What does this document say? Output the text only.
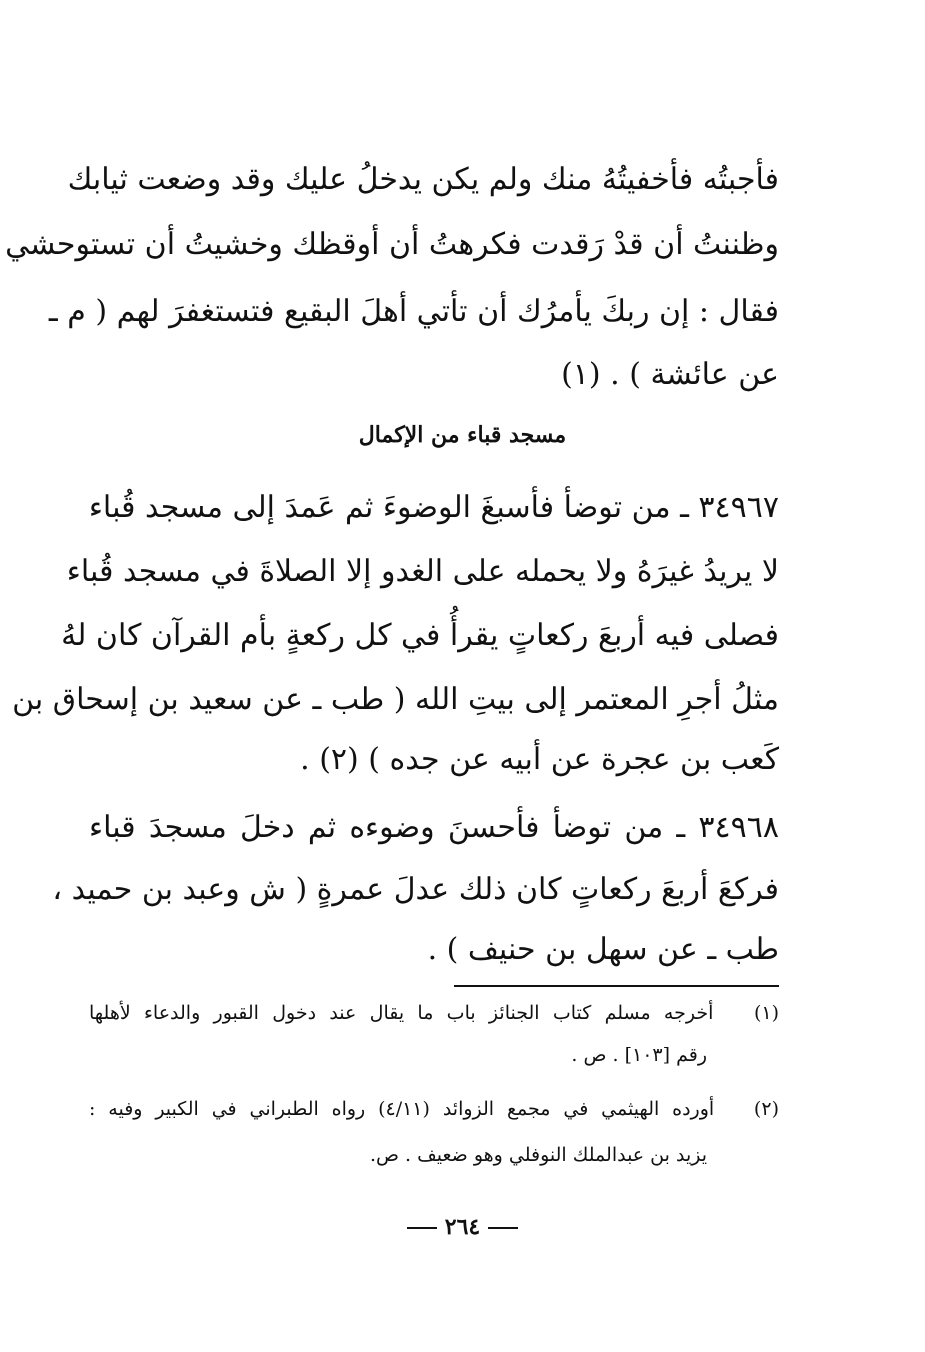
فأجبتُه فأخفيتُهُ منك ولم يكن يدخلُ عليك وقد وضعت ثيابك
وظننتُ أن قدْ رَقدت فكرهتُ أن أوقظك وخشيتُ أن تستوحشي
فقال : إن ربكَ يأمرُك أن تأتي أهلَ البقيع فتستغفرَ لهم ( م ـ
عن عائشة ) . (١)
مسجد قباء من الإكمال
٣٤٩٦٧ ـ من توضأ فأسبغَ الوضوءَ ثم عَمدَ إلى مسجد قُباء
لا يريدُ غيرَهُ ولا يحمله على الغدو إلا الصلاةَ في مسجد قُباء
فصلى فيه أربعَ ركعاتٍ يقرأُ في كل ركعةٍ بأم القرآن كان لهُ
مثلُ أجرِ المعتمر إلى بيتِ الله ( طب ـ عن سعيد بن إسحاق بن
كَعب بن عجرة عن أبيه عن جده ) (٢) .
٣٤٩٦٨ ـ من توضأ فأحسنَ وضوءه ثم دخلَ مسجدَ قباء
فركعَ أربعَ ركعاتٍ كان ذلك عدلَ عمرةٍ ( ش وعبد بن حميد ،
طب ـ عن سهل بن حنيف ) .
(١)  أخرجه مسلم كتاب الجنائز باب ما يقال عند دخول القبور والدعاء لأهلها
رقم [١٠٣] . ص .
(٢)  أورده الهيثمي في مجمع الزوائد (٤/١١) رواه الطبراني في الكبير وفيه :
يزيد بن عبدالملك النوفلي وهو ضعيف . ص.
٢٦٤
